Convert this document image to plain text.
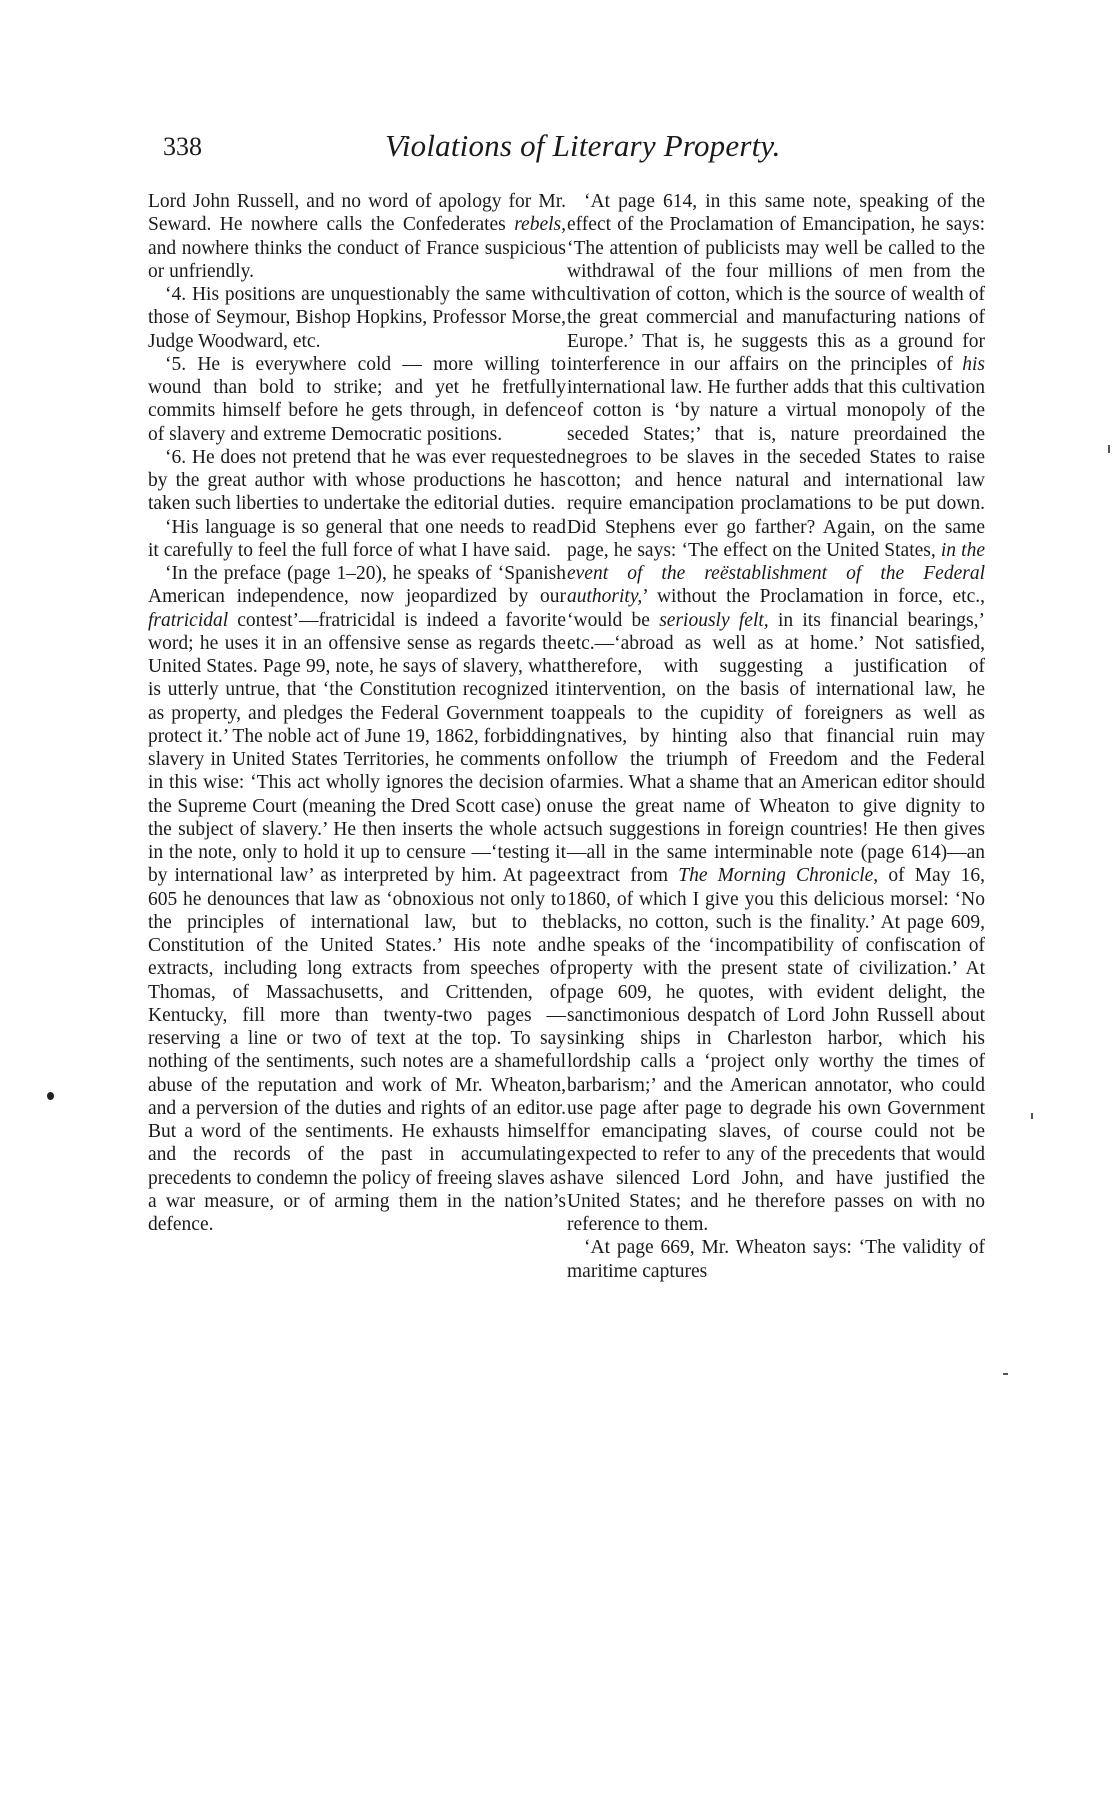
338	Violations of Literary Property.

Lord John Russell, and no word of apology for Mr. Seward. He nowhere calls the Confederates rebels, and nowhere thinks the conduct of France suspicious or unfriendly.

‘4. His positions are unquestionably the same with those of Seymour, Bishop Hopkins, Professor Morse, Judge Woodward, etc.

‘5. He is everywhere cold — more willing to wound than bold to strike; and yet he fretfully commits himself before he gets through, in defence of slavery and extreme Democratic positions.

‘6. He does not pretend that he was ever requested by the great author with whose productions he has taken such liberties to undertake the editorial duties.

‘His language is so general that one needs to read it carefully to feel the full force of what I have said.

‘In the preface (page 1–20), he speaks of ‘Spanish American independence, now jeopardized by our fratricidal contest’—fratricidal is indeed a favorite word; he uses it in an offensive sense as regards the United States. Page 99, note, he says of slavery, what is utterly untrue, that ‘the Constitution recognized it as property, and pledges the Federal Government to protect it.’ The noble act of June 19, 1862, forbidding slavery in United States Territories, he comments on in this wise: ‘This act wholly ignores the decision of the Supreme Court (meaning the Dred Scott case) on the subject of slavery.’ He then inserts the whole act in the note, only to hold it up to censure —‘testing it by international law’ as interpreted by him. At page 605 he denounces that law as ‘obnoxious not only to the principles of international law, but to the Constitution of the United States.’ His note and extracts, including long extracts from speeches of Thomas, of Massachusetts, and Crittenden, of Kentucky, fill more than twenty-two pages — reserving a line or two of text at the top. To say nothing of the sentiments, such notes are a shameful abuse of the reputation and work of Mr. Wheaton, and a perversion of the duties and rights of an editor. But a word of the sentiments. He exhausts himself and the records of the past in accumulating precedents to condemn the policy of freeing slaves as a war measure, or of arming them in the nation’s defence.

‘At page 614, in this same note, speaking of the effect of the Proclamation of Emancipation, he says: ‘The attention of publicists may well be called to the withdrawal of the four millions of men from the cultivation of cotton, which is the source of wealth of the great commercial and manufacturing nations of Europe.’ That is, he suggests this as a ground for interference in our affairs on the principles of his international law. He further adds that this cultivation of cotton is ‘by nature a virtual monopoly of the seceded States;’ that is, nature preordained the negroes to be slaves in the seceded States to raise cotton; and hence natural and international law require emancipation proclamations to be put down. Did Stephens ever go farther? Again, on the same page, he says: ‘The effect on the United States, in the event of the reëstablishment of the Federal authority,’ without the Proclamation in force, etc., ‘would be seriously felt, in its financial bearings,’ etc.—‘abroad as well as at home.’ Not satisfied, therefore, with suggesting a justification of intervention, on the basis of international law, he appeals to the cupidity of foreigners as well as natives, by hinting also that financial ruin may follow the triumph of Freedom and the Federal armies. What a shame that an American editor should use the great name of Wheaton to give dignity to such suggestions in foreign countries! He then gives—all in the same interminable note (page 614)—an extract from The Morning Chronicle, of May 16, 1860, of which I give you this delicious morsel: ‘No blacks, no cotton, such is the finality.’ At page 609, he speaks of the ‘incompatibility of confiscation of property with the present state of civilization.’ At page 609, he quotes, with evident delight, the sanctimonious despatch of Lord John Russell about sinking ships in Charleston harbor, which his lordship calls a ‘project only worthy the times of barbarism;’ and the American annotator, who could use page after page to degrade his own Government for emancipating slaves, of course could not be expected to refer to any of the precedents that would have silenced Lord John, and have justified the United States; and he therefore passes on with no reference to them.

‘At page 669, Mr. Wheaton says: ‘The validity of maritime captures
